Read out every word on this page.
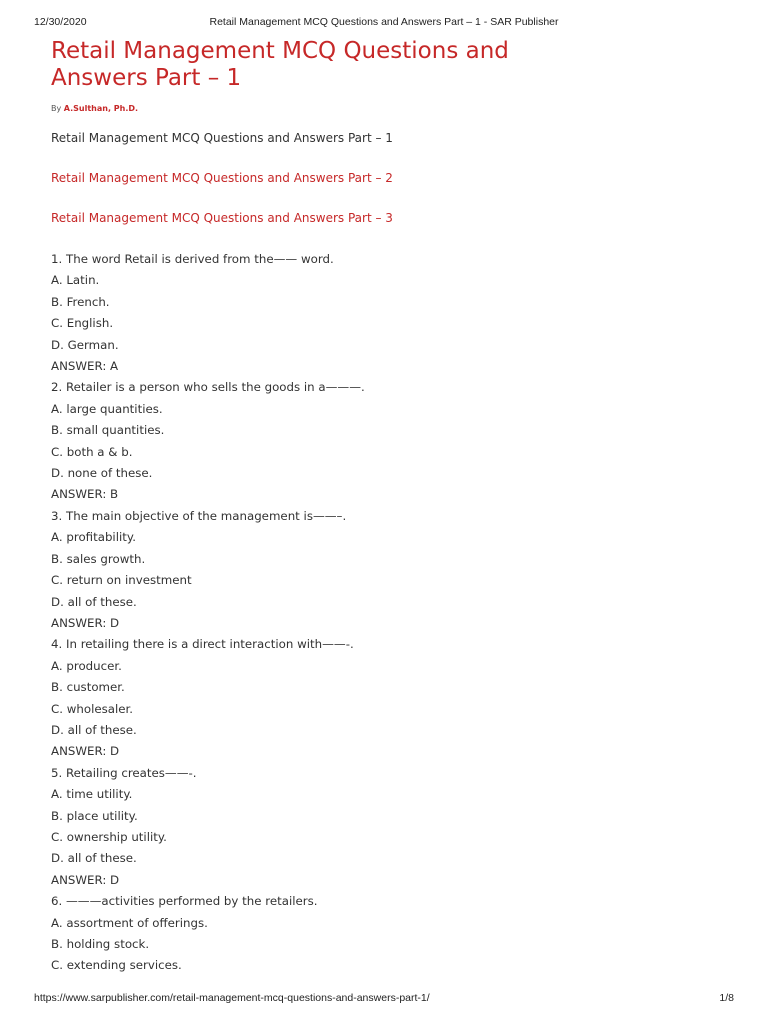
12/30/2020	Retail Management MCQ Questions and Answers Part – 1 - SAR Publisher
Retail Management MCQ Questions and Answers Part – 1
By A.Sulthan, Ph.D.
Retail Management MCQ Questions and Answers Part – 1
Retail Management MCQ Questions and Answers Part – 2
Retail Management MCQ Questions and Answers Part – 3
1. The word Retail is derived from the—— word.
A. Latin.
B. French.
C. English.
D. German.
ANSWER: A
2. Retailer is a person who sells the goods in a———.
A. large quantities.
B. small quantities.
C. both a & b.
D. none of these.
ANSWER: B
3. The main objective of the management is——–.
A. profitability.
B. sales growth.
C. return on investment
D. all of these.
ANSWER: D
4. In retailing there is a direct interaction with——-.
A. producer.
B. customer.
C. wholesaler.
D. all of these.
ANSWER: D
5. Retailing creates——-.
A. time utility.
B. place utility.
C. ownership utility.
D. all of these.
ANSWER: D
6. ———activities performed by the retailers.
A. assortment of offerings.
B. holding stock.
C. extending services.
https://www.sarpublisher.com/retail-management-mcq-questions-and-answers-part-1/	1/8
